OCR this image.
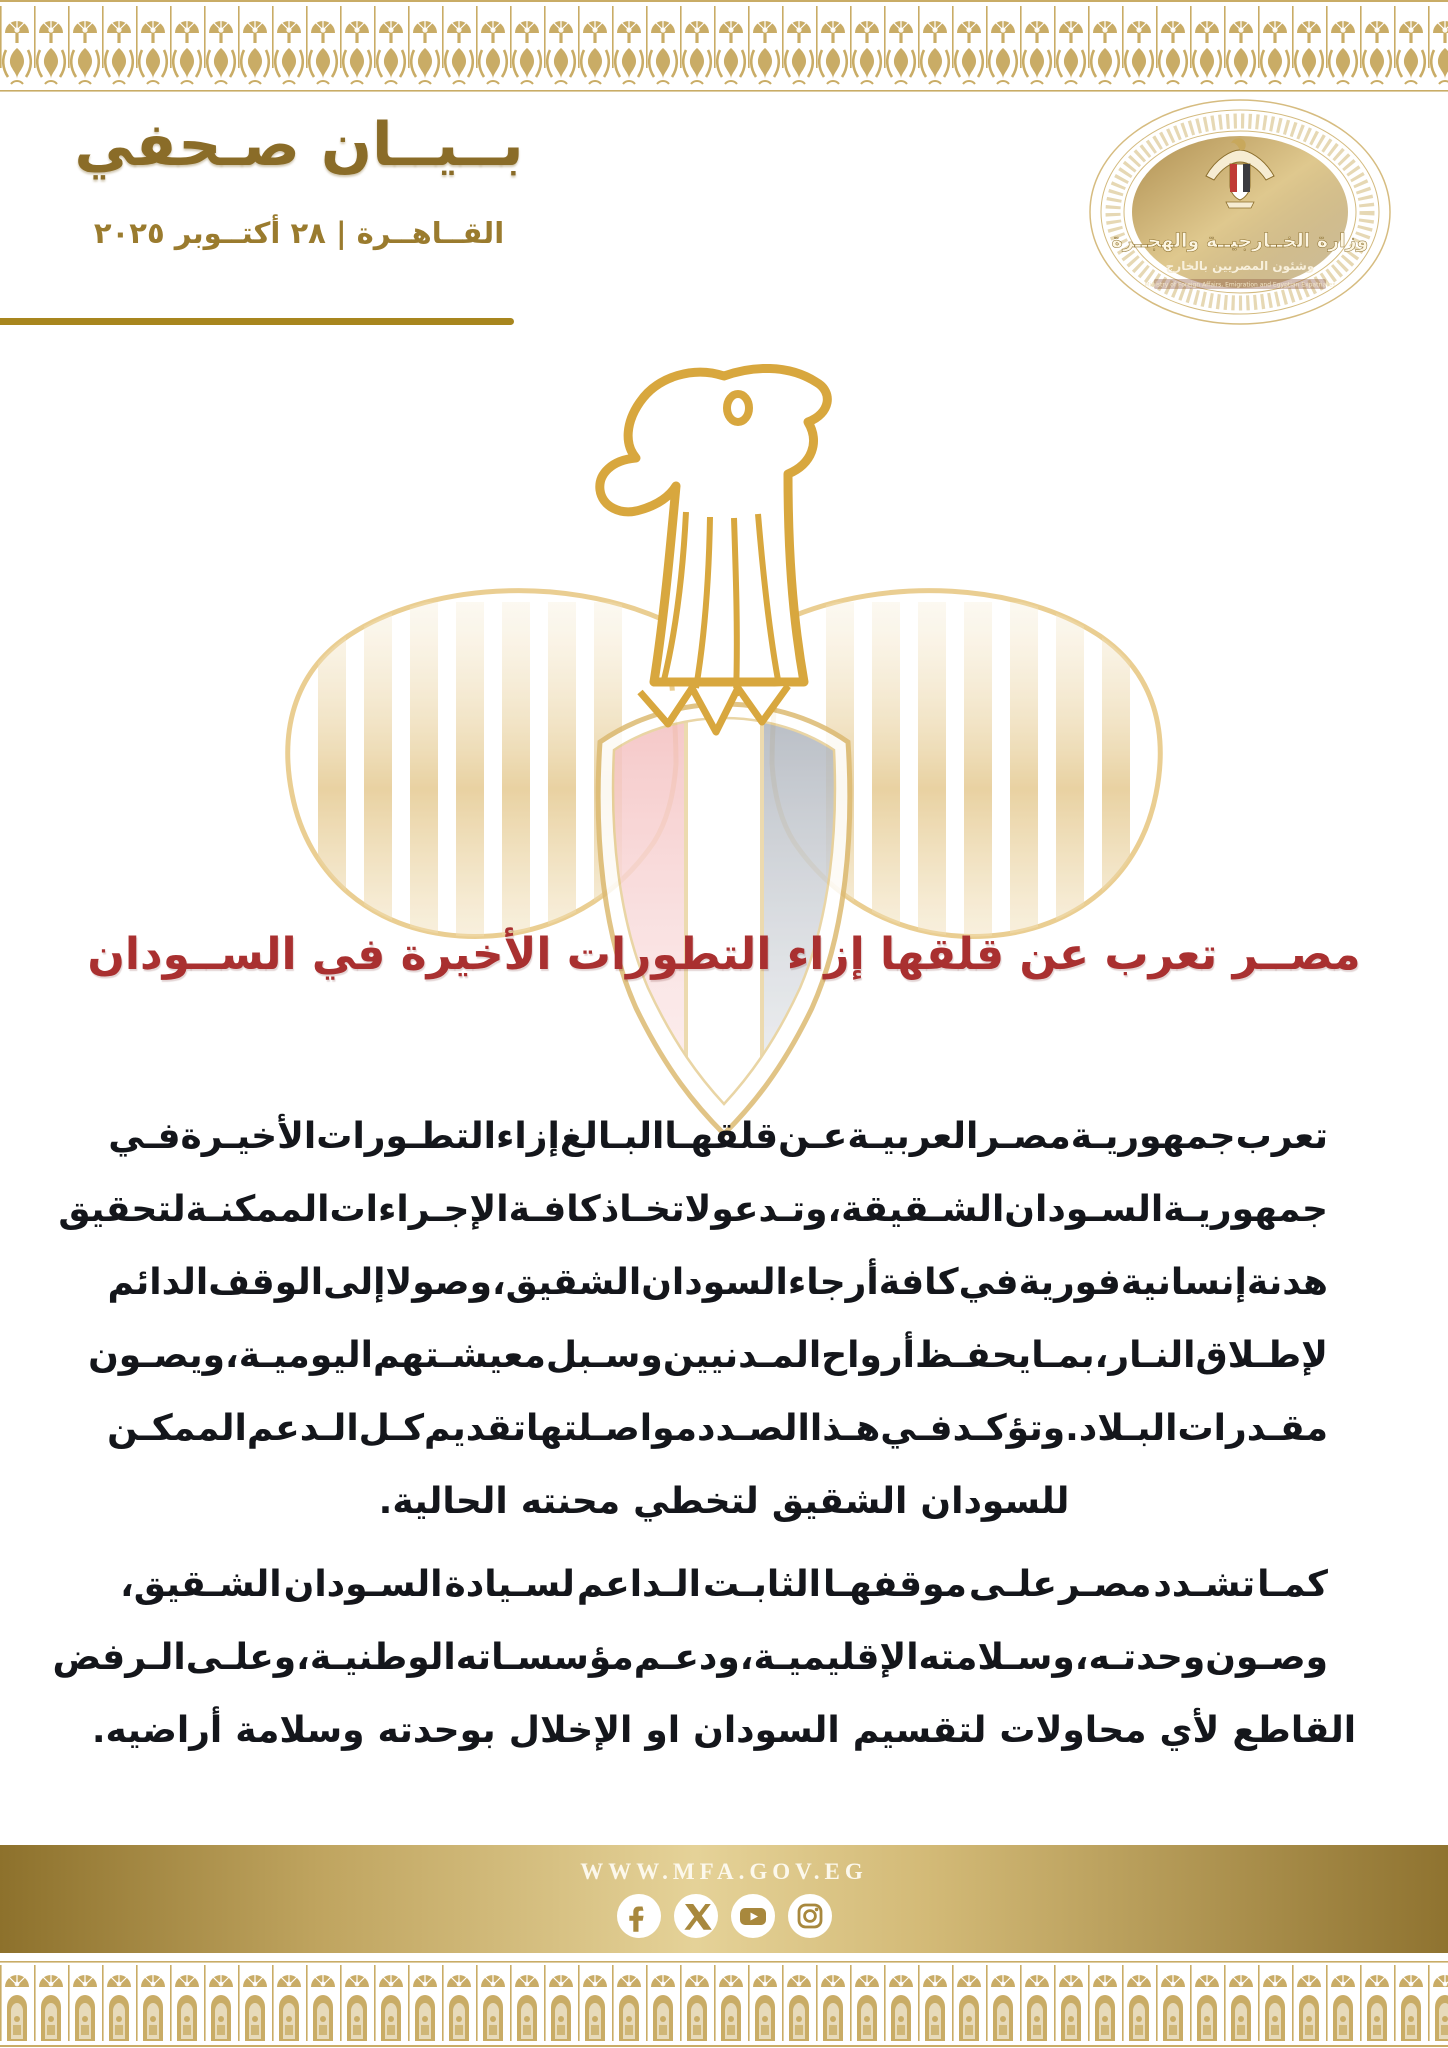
بــيــان صـحفي
القــاهــرة | ٢٨ أكتــوبر ٢٠٢٥	وزارة الخــارجيــة والهجــرة
وشئون المصريين بالخارج
Ministry of Foreign Affairs, Emigration and Egyptian Expatriates
مصــر تعرب عن قلقها إزاء التطورات الأخيرة في الســودان
تعرب
جمهوريـة
مصـر
العربيـة
عـن
قلقهـا
البـالغ
إزاء
التطـورات
الأخيـرة
فـي
جمهوريـة
السـودان
الشـقيقة،
وتـدعو
لاتخـاذ
كافـة
الإجـراءات
الممكنـة
لتحقيق
هدنة
إنسانية
فورية
في
كافة
أرجاء
السودان
الشقيق،
وصولا
إلى
الوقف
الدائم
لإطـلاق
النـار،
بمـا
يحفـظ
أرواح
المـدنيين
وسـبل
معيشـتهم
اليوميـة،
ويصـون
مقـدرات
البـلاد.
وتؤكـد
فـي
هـذا
الصـدد
مواصـلتها
تقديم
كـل
الـدعم
الممكـن
للسودان
الشقيق
لتخطي
محنته
الحالية.
كمـا
تشـدد
مصـر
علـى
موقفهـا
الثابـت
الـداعم
لسـيادة
السـودان
الشـقيق،
وصـون
وحدتـه،
وسـلامته
الإقليميـة،
ودعـم
مؤسسـاته
الوطنيـة،
وعلـى
الـرفض
القاطع
لأي
محاولات
لتقسيم
السودان
او
الإخلال
بوحدته
وسلامة
أراضيه.
WWW.MFA.GOV.EG
